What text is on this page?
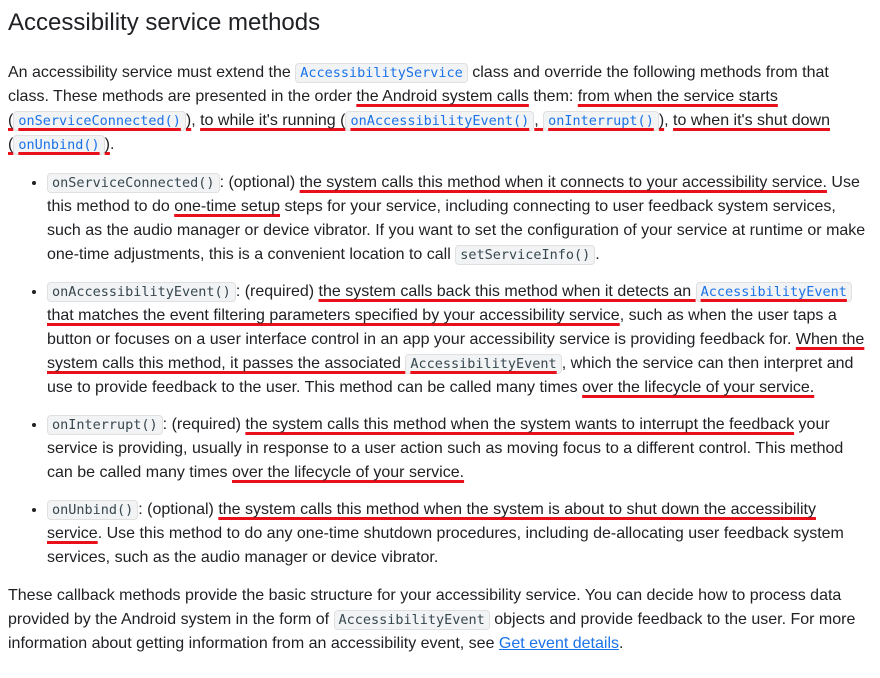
Accessibility service methods

An accessibility service must extend the AccessibilityService class and override the following methods from that class. These methods are presented in the order the Android system calls them: from when the service starts ( onServiceConnected() ), to while it's running ( onAccessibilityEvent() , onInterrupt() ), to when it's shut down ( onUnbind() ).

• onServiceConnected() : (optional) the system calls this method when it connects to your accessibility service. Use this method to do one-time setup steps for your service, including connecting to user feedback system services, such as the audio manager or device vibrator. If you want to set the configuration of your service at runtime or make one-time adjustments, this is a convenient location to call setServiceInfo() .
• onAccessibilityEvent() : (required) the system calls back this method when it detects an AccessibilityEvent that matches the event filtering parameters specified by your accessibility service, such as when the user taps a button or focuses on a user interface control in an app your accessibility service is providing feedback for. When the system calls this method, it passes the associated AccessibilityEvent , which the service can then interpret and use to provide feedback to the user. This method can be called many times over the lifecycle of your service.
• onInterrupt() : (required) the system calls this method when the system wants to interrupt the feedback your service is providing, usually in response to a user action such as moving focus to a different control. This method can be called many times over the lifecycle of your service.
• onUnbind() : (optional) the system calls this method when the system is about to shut down the accessibility service. Use this method to do any one-time shutdown procedures, including de-allocating user feedback system services, such as the audio manager or device vibrator.

These callback methods provide the basic structure for your accessibility service. You can decide how to process data provided by the Android system in the form of AccessibilityEvent objects and provide feedback to the user. For more information about getting information from an accessibility event, see Get event details.
